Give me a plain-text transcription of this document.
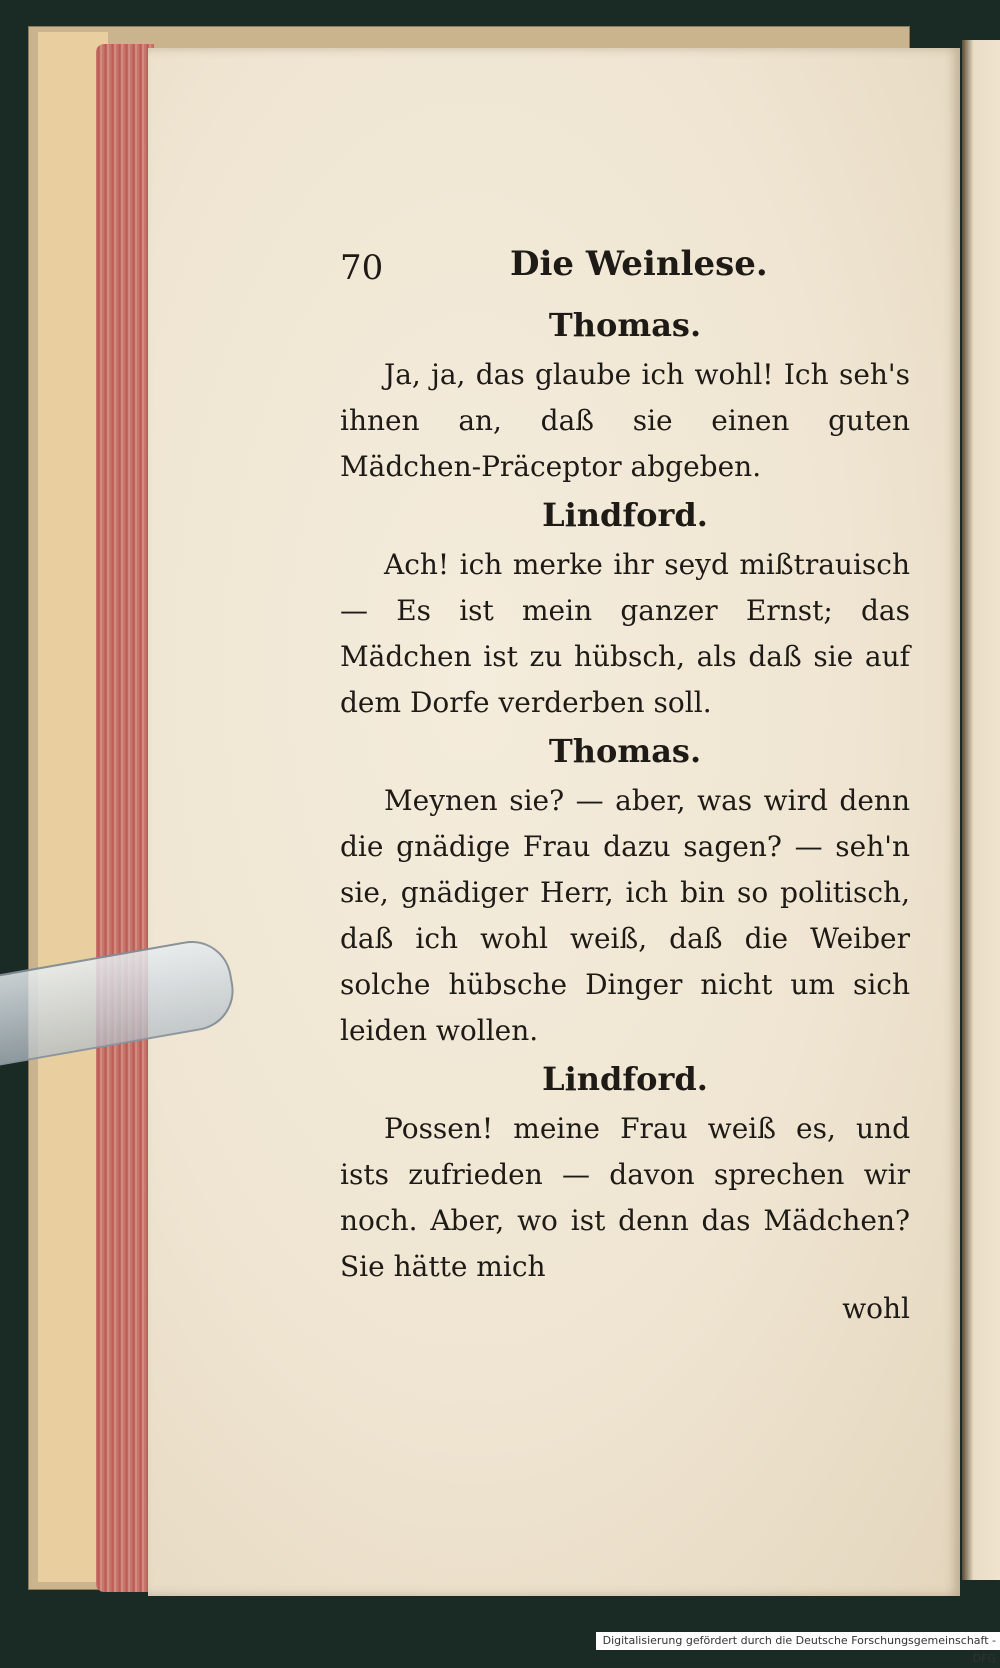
70	Die Weinlese.
Thomas.

Ja, ja, das glaube ich wohl! Ich seh's ihnen an, daß sie einen guten Mädchen-Präceptor abgeben.

Lindford.

Ach! ich merke ihr seyd mißtrauisch — Es ist mein ganzer Ernst; das Mädchen ist zu hübsch, als daß sie auf dem Dorfe verderben soll.

Thomas.

Meynen sie? — aber, was wird denn die gnädige Frau dazu sagen? — seh'n sie, gnädiger Herr, ich bin so politisch, daß ich wohl weiß, daß die Weiber solche hübsche Dinger nicht um sich leiden wollen.

Lindford.

Possen! meine Frau weiß es, und ists zufrieden — davon sprechen wir noch. Aber, wo ist denn das Mädchen? Sie hätte mich

wohl
Digitalisierung gefördert durch die Deutsche Forschungsgemeinschaft - DFG
